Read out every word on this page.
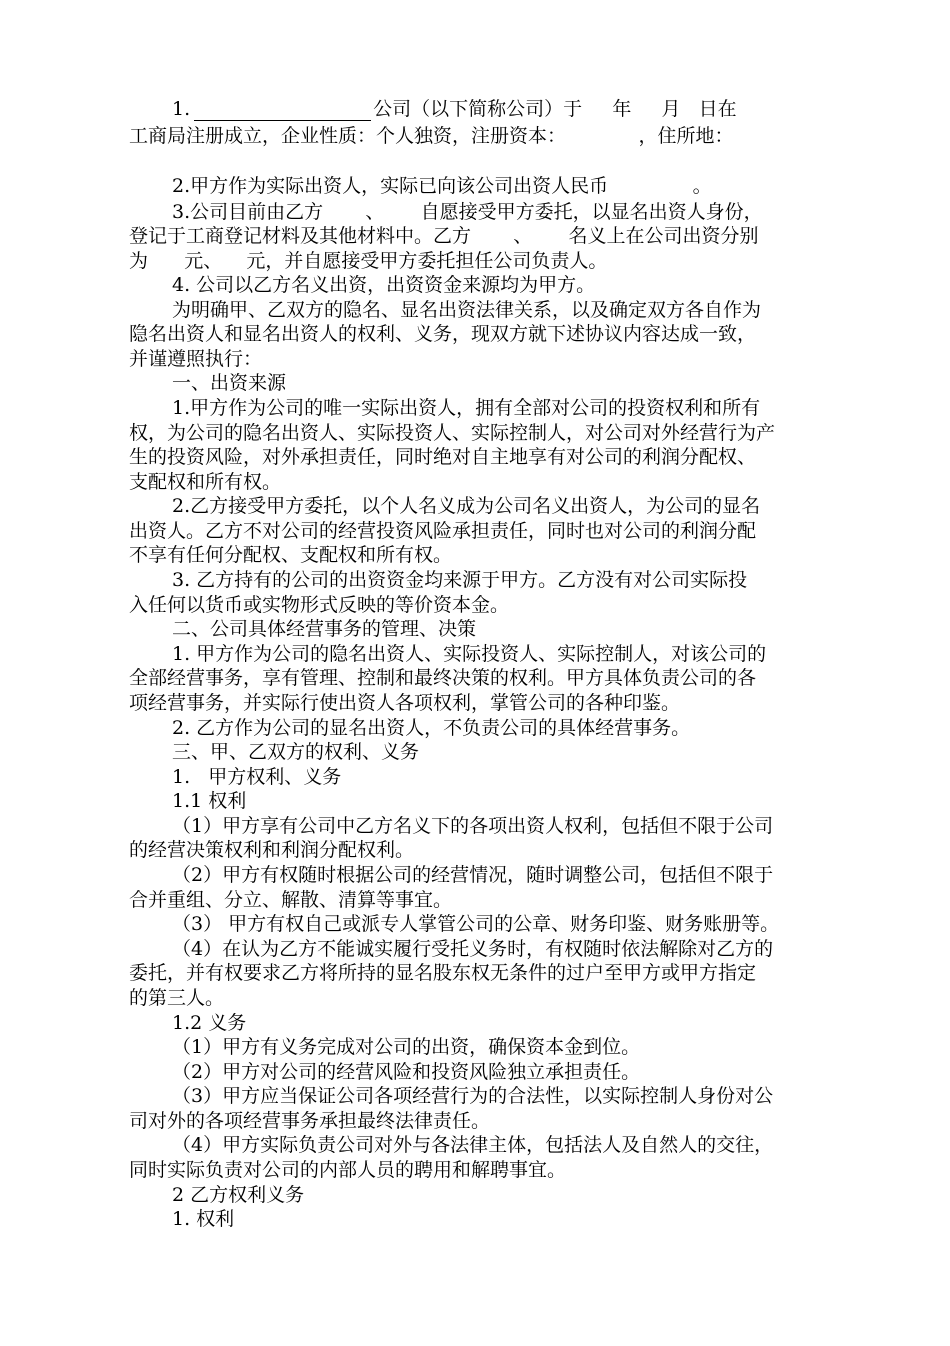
1.	公司（以下简称公司）于     年     月   日在
工商局注册成立，企业性质：个人独资，注册资本：            ，住所地：
2.甲方作为实际出资人，实际已向该公司出资人民币              。
3.公司目前由乙方       、      自愿接受甲方委托，以显名出资人身份，
登记于工商登记材料及其他材料中。乙方       、      名义上在公司出资分别
为      元、    元，并自愿接受甲方委托担任公司负责人。
4. 公司以乙方名义出资，出资资金来源均为甲方。
为明确甲、乙双方的隐名、显名出资法律关系，以及确定双方各自作为
隐名出资人和显名出资人的权利、义务，现双方就下述协议内容达成一致，
并谨遵照执行：
一、出资来源
1.甲方作为公司的唯一实际出资人，拥有全部对公司的投资权利和所有
权，为公司的隐名出资人、实际投资人、实际控制人，对公司对外经营行为产
生的投资风险，对外承担责任，同时绝对自主地享有对公司的利润分配权、
支配权和所有权。
2.乙方接受甲方委托，以个人名义成为公司名义出资人，为公司的显名
出资人。乙方不对公司的经营投资风险承担责任，同时也对公司的利润分配
不享有任何分配权、支配权和所有权。
3. 乙方持有的公司的出资资金均来源于甲方。乙方没有对公司实际投
入任何以货币或实物形式反映的等价资本金。
二、公司具体经营事务的管理、决策
1. 甲方作为公司的隐名出资人、实际投资人、实际控制人，对该公司的
全部经营事务，享有管理、控制和最终决策的权利。甲方具体负责公司的各
项经营事务，并实际行使出资人各项权利，掌管公司的各种印鉴。
2. 乙方作为公司的显名出资人，不负责公司的具体经营事务。
三、甲、乙双方的权利、义务
1.   甲方权利、义务
1.1 权利
（1）甲方享有公司中乙方名义下的各项出资人权利，包括但不限于公司
的经营决策权利和利润分配权利。
（2）甲方有权随时根据公司的经营情况，随时调整公司，包括但不限于
合并重组、分立、解散、清算等事宜。
（3） 甲方有权自己或派专人掌管公司的公章、财务印鉴、财务账册等。
（4）在认为乙方不能诚实履行受托义务时，有权随时依法解除对乙方的
委托，并有权要求乙方将所持的显名股东权无条件的过户至甲方或甲方指定
的第三人。
1.2 义务
（1）甲方有义务完成对公司的出资，确保资本金到位。
（2）甲方对公司的经营风险和投资风险独立承担责任。
（3）甲方应当保证公司各项经营行为的合法性，以实际控制人身份对公
司对外的各项经营事务承担最终法律责任。
（4）甲方实际负责公司对外与各法律主体，包括法人及自然人的交往，
同时实际负责对公司的内部人员的聘用和解聘事宜。
2 乙方权利义务
1. 权利
